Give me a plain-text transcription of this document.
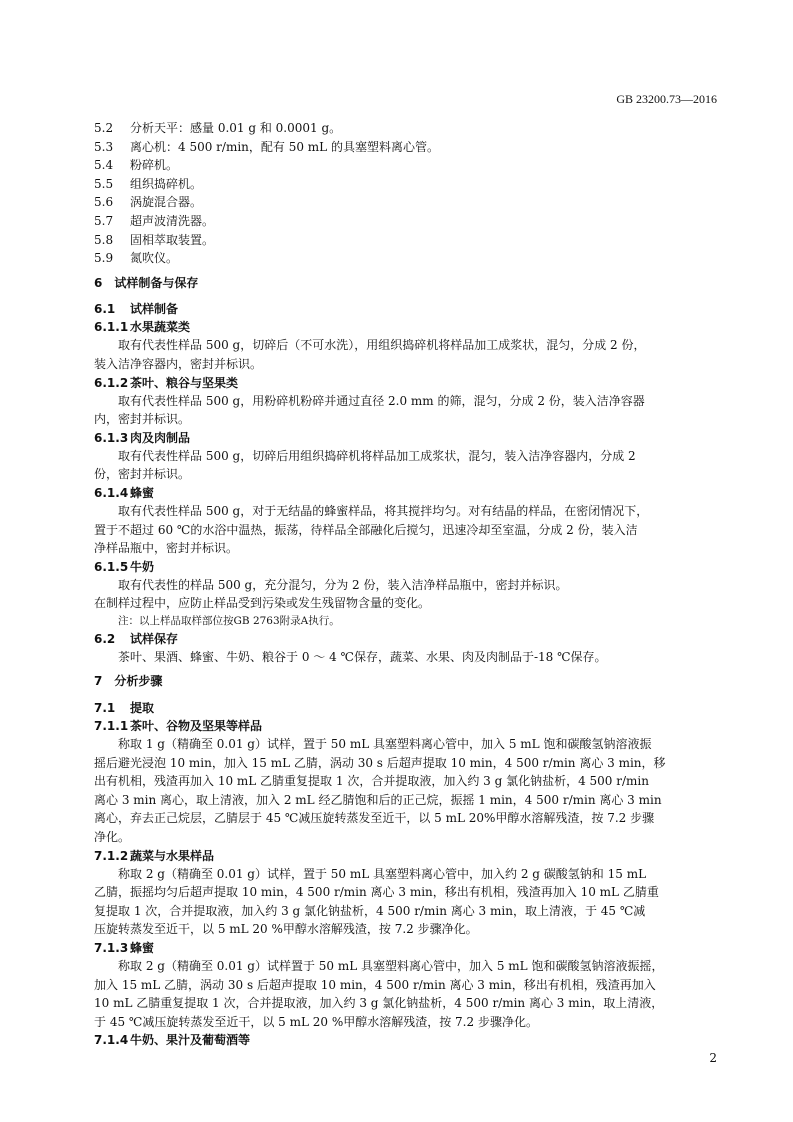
GB 23200.73—2016
5.2	分析天平：感量 0.01 g 和 0.0001 g。
5.3	离心机：4 500 r/min，配有 50 mL 的具塞塑料离心管。
5.4	粉碎机。
5.5	组织捣碎机。
5.6	涡旋混合器。
5.7	超声波清洗器。
5.8	固相萃取装置。
5.9	氮吹仪。
6　试样制备与保存
6.1 试样制备
6.1.1 水果蔬菜类
取有代表性样品 500 g，切碎后（不可水洗），用组织捣碎机将样品加工成浆状，混匀，分成 2 份，
装入洁净容器内，密封并标识。
6.1.2 茶叶、粮谷与坚果类
取有代表性样品 500 g，用粉碎机粉碎并通过直径 2.0 mm 的筛，混匀，分成 2 份，装入洁净容器
内，密封并标识。
6.1.3 肉及肉制品
取有代表性样品 500 g，切碎后用组织捣碎机将样品加工成浆状，混匀，装入洁净容器内，分成 2
份，密封并标识。
6.1.4 蜂蜜
取有代表性样品 500 g，对于无结晶的蜂蜜样品，将其搅拌均匀。对有结晶的样品，在密闭情况下，
置于不超过 60 ℃的水浴中温热，振荡，待样品全部融化后搅匀，迅速冷却至室温，分成 2 份，装入洁
净样品瓶中，密封并标识。
6.1.5 牛奶
取有代表性的样品 500 g，充分混匀，分为 2 份，装入洁净样品瓶中，密封并标识。
在制样过程中，应防止样品受到污染或发生残留物含量的变化。
注：以上样品取样部位按GB 2763附录A执行。
6.2 试样保存
茶叶、果酒、蜂蜜、牛奶、粮谷于 0 ～ 4 ℃保存，蔬菜、水果、肉及肉制品于-18 ℃保存。
7　分析步骤
7.1 提取
7.1.1 茶叶、谷物及坚果等样品
称取 1 g（精确至 0.01 g）试样，置于 50 mL 具塞塑料离心管中，加入 5 mL 饱和碳酸氢钠溶液振
摇后避光浸泡 10 min，加入 15 mL 乙腈，涡动 30 s 后超声提取 10 min，4 500 r/min 离心 3 min，移
出有机相，残渣再加入 10 mL 乙腈重复提取 1 次，合并提取液，加入约 3 g 氯化钠盐析，4 500 r/min
离心 3 min 离心，取上清液，加入 2 mL 经乙腈饱和后的正己烷，振摇 1 min，4 500 r/min 离心 3 min
离心，弃去正己烷层，乙腈层于 45 ℃减压旋转蒸发至近干，以 5 mL 20%甲醇水溶解残渣，按 7.2 步骤
净化。
7.1.2 蔬菜与水果样品
称取 2 g（精确至 0.01 g）试样，置于 50 mL 具塞塑料离心管中，加入约 2 g 碳酸氢钠和 15 mL
乙腈，振摇均匀后超声提取 10 min，4 500 r/min 离心 3 min，移出有机相，残渣再加入 10 mL 乙腈重
复提取 1 次，合并提取液，加入约 3 g 氯化钠盐析，4 500 r/min 离心 3 min，取上清液，于 45 ℃减
压旋转蒸发至近干，以 5 mL 20 %甲醇水溶解残渣，按 7.2 步骤净化。
7.1.3 蜂蜜
称取 2 g（精确至 0.01 g）试样置于 50 mL 具塞塑料离心管中，加入 5 mL 饱和碳酸氢钠溶液振摇，
加入 15 mL 乙腈，涡动 30 s 后超声提取 10 min，4 500 r/min 离心 3 min，移出有机相，残渣再加入
10 mL 乙腈重复提取 1 次，合并提取液，加入约 3 g 氯化钠盐析，4 500 r/min 离心 3 min，取上清液，
于 45 ℃减压旋转蒸发至近干，以 5 mL 20 %甲醇水溶解残渣，按 7.2 步骤净化。
7.1.4 牛奶、果汁及葡萄酒等
2
